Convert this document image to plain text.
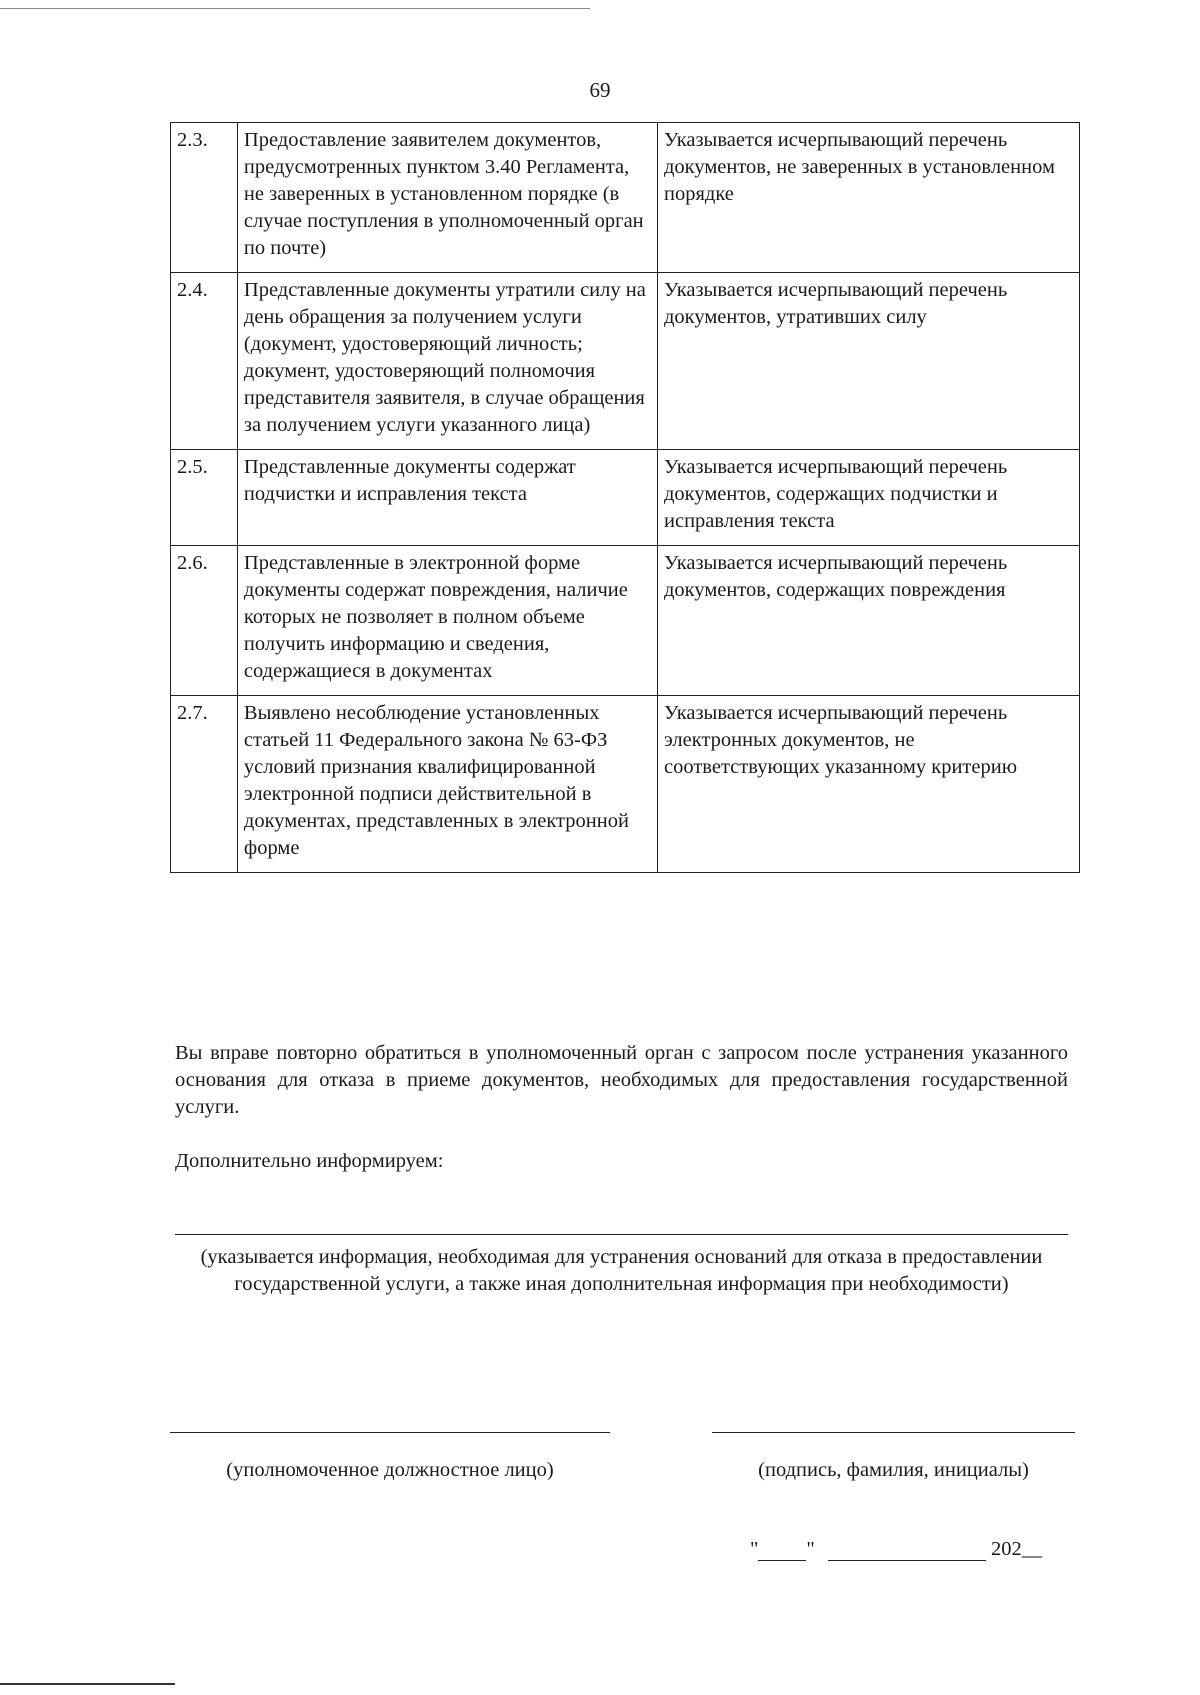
69
2.3.	Предоставление заявителем документов, предусмотренных пунктом 3.40 Регламента, не заверенных в установленном порядке (в случае поступления в уполномоченный орган по почте)	Указывается исчерпывающий перечень документов, не заверенных в установленном порядке
2.4.	Представленные документы утратили силу на день обращения за получением услуги (документ, удостоверяющий личность; документ, удостоверяющий полномочия представителя заявителя, в случае обращения за получением услуги указанного лица)	Указывается исчерпывающий перечень документов, утративших силу
2.5.	Представленные документы содержат подчистки и исправления текста	Указывается исчерпывающий перечень документов, содержащих подчистки и исправления текста
2.6.	Представленные в электронной форме документы содержат повреждения, наличие которых не позволяет в полном объеме получить информацию и сведения, содержащиеся в документах	Указывается исчерпывающий перечень документов, содержащих повреждения
2.7.	Выявлено несоблюдение установленных статьей 11 Федерального закона № 63-ФЗ условий признания квалифицированной электронной подписи действительной в документах, представленных в электронной форме	Указывается исчерпывающий перечень электронных документов, не соответствующих указанному критерию
Вы вправе повторно обратиться в уполномоченный орган с запросом после устранения указанного основания для отказа в приеме документов, необходимых для предоставления государственной услуги.
Дополнительно информируем:
(указывается информация, необходимая для устранения оснований для отказа в предоставлении государственной услуги, а также иная дополнительная информация при необходимости)
(уполномоченное должностное лицо)	(подпись, фамилия, инициалы)
" "	202__
